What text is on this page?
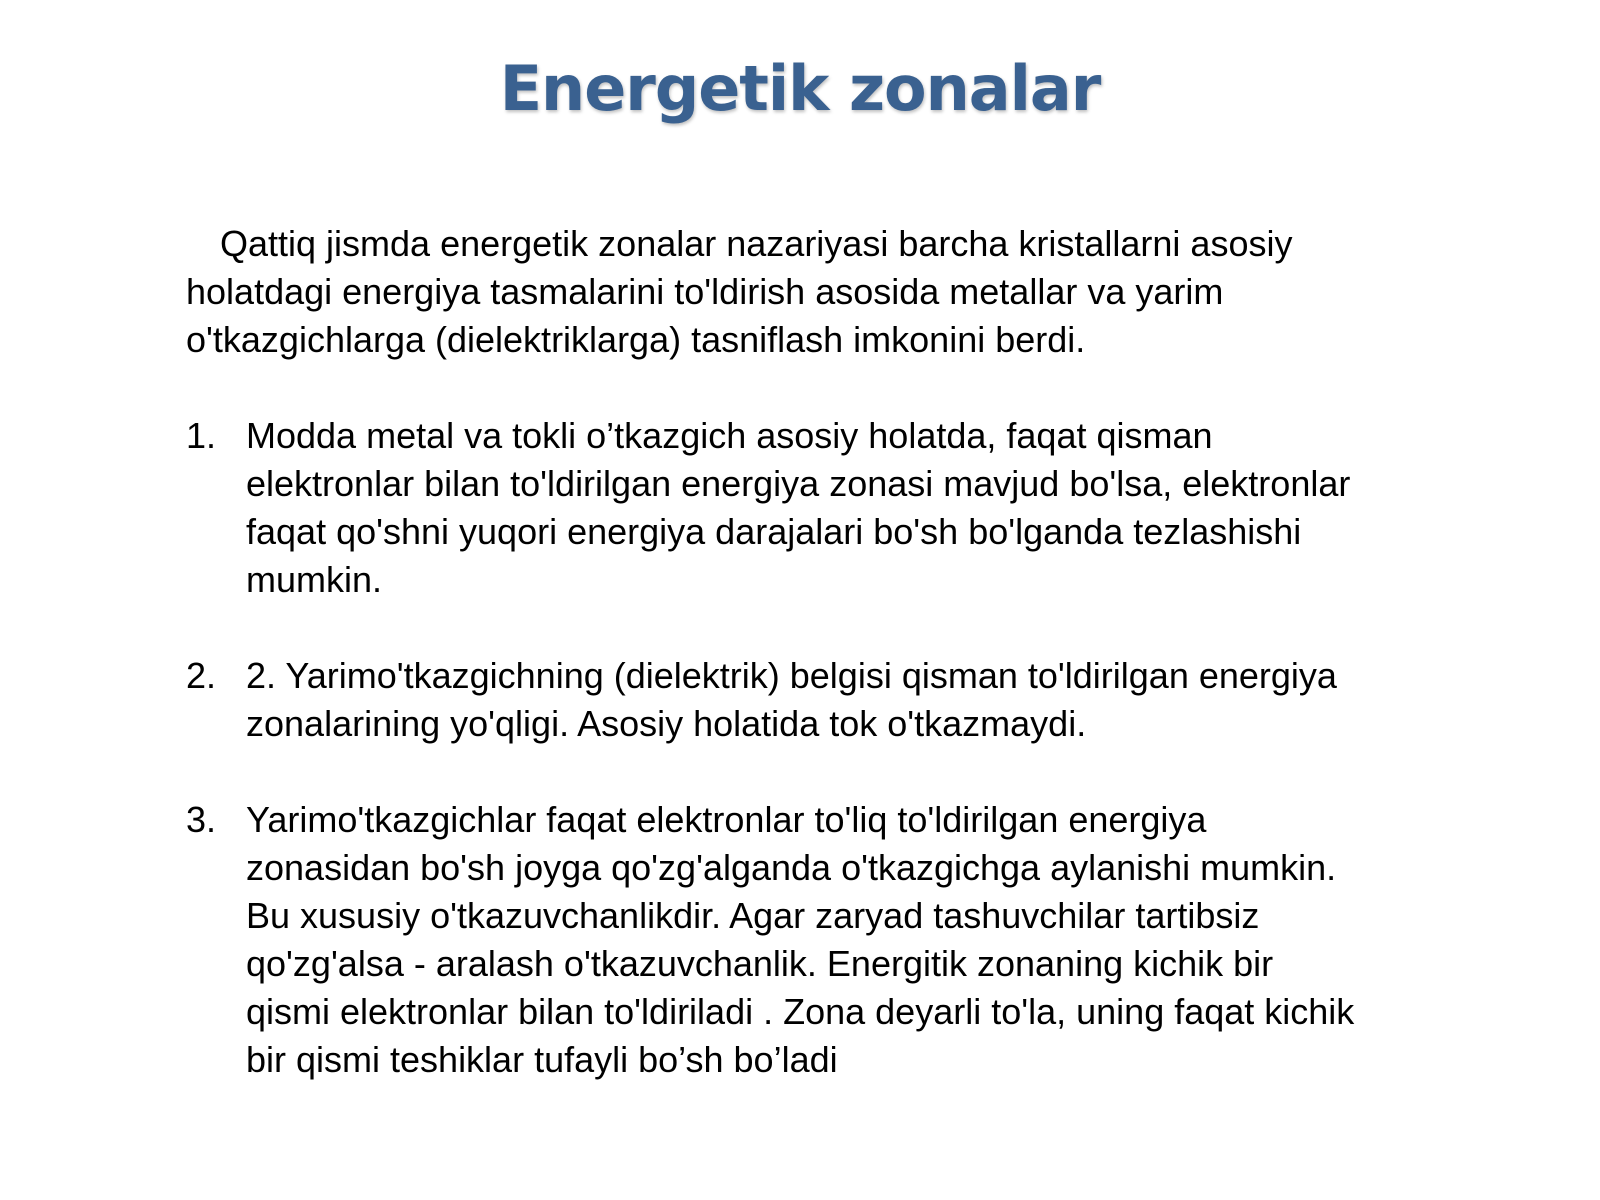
Energetik zonalar

Qattiq jismda energetik zonalar nazariyasi barcha kristallarni asosiy holatdagi energiya tasmalarini to'ldirish asosida metallar va yarim o'tkazgichlarga (dielektriklarga) tasniflash imkonini berdi.

1. Modda metal va tokli o’tkazgich asosiy holatda, faqat qisman elektronlar bilan to'ldirilgan energiya zonasi mavjud bo'lsa, elektronlar faqat qo'shni yuqori energiya darajalari bo'sh bo'lganda tezlashishi mumkin.
2. 2. Yarimo'tkazgichning (dielektrik) belgisi qisman to'ldirilgan energiya zonalarining yo'qligi. Asosiy holatida tok o'tkazmaydi.
3. Yarimo'tkazgichlar faqat elektronlar to'liq to'ldirilgan energiya zonasidan bo'sh joyga qo'zg'alganda o'tkazgichga aylanishi mumkin. Bu xususiy o'tkazuvchanlikdir. Agar zaryad tashuvchilar tartibsiz qo'zg'alsa - aralash o'tkazuvchanlik. Energitik zonaning kichik bir qismi elektronlar bilan to'ldiriladi . Zona deyarli to'la, uning faqat kichik bir qismi teshiklar tufayli bo’sh bo’ladi
